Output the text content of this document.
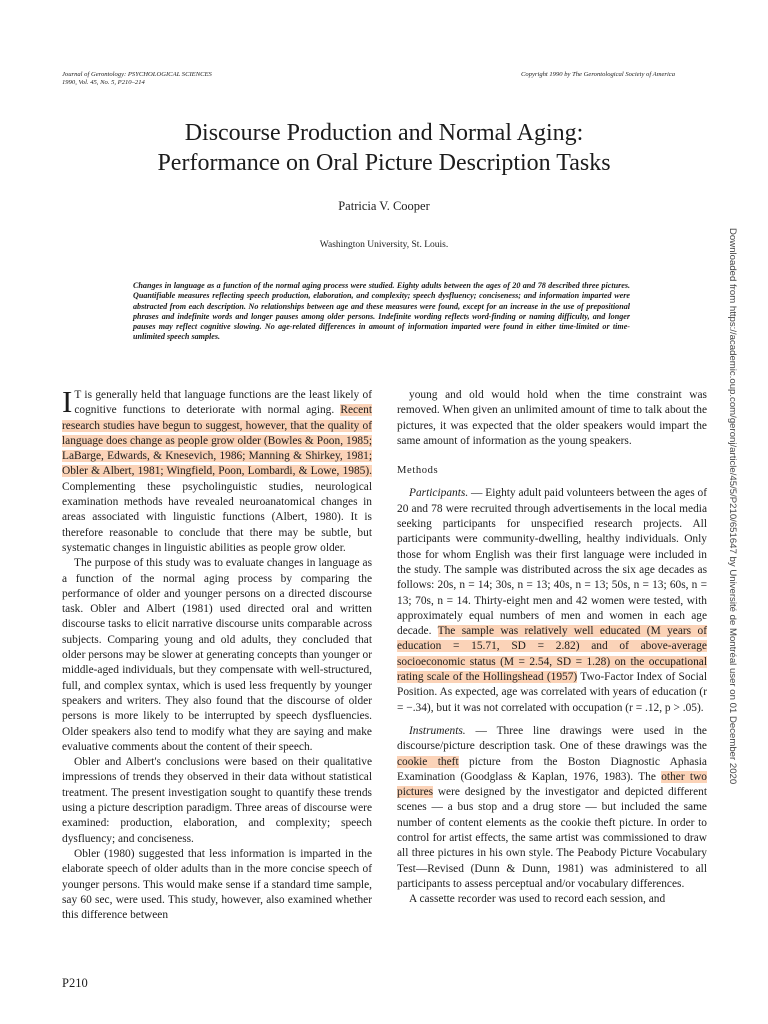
Journal of Gerontology: PSYCHOLOGICAL SCIENCES
1990, Vol. 45, No. 5, P210–214
Copyright 1990 by The Gerontological Society of America
Discourse Production and Normal Aging:
Performance on Oral Picture Description Tasks
Patricia V. Cooper
Washington University, St. Louis.
Changes in language as a function of the normal aging process were studied. Eighty adults between the ages of 20 and 78 described three pictures. Quantifiable measures reflecting speech production, elaboration, and complexity; speech dysfluency; conciseness; and information imparted were abstracted from each description. No relationships between age and these measures were found, except for an increase in the use of prepositional phrases and indefinite words and longer pauses among older persons. Indefinite wording reflects word-finding or naming difficulty, and longer pauses may reflect cognitive slowing. No age-related differences in amount of information imparted were found in either time-limited or time-unlimited speech samples.

I T is generally held that language functions are the least likely of cognitive functions to deteriorate with normal aging. Recent research studies have begun to suggest, however, that the quality of language does change as people grow older (Bowles & Poon, 1985; LaBarge, Edwards, & Knesevich, 1986; Manning & Shirkey, 1981; Obler & Albert, 1981; Wingfield, Poon, Lombardi, & Lowe, 1985). Complementing these psycholinguistic studies, neurological examination methods have revealed neuroanatomical changes in areas associated with linguistic functions (Albert, 1980). It is therefore reasonable to conclude that there may be subtle, but systematic changes in linguistic abilities as people grow older.

The purpose of this study was to evaluate changes in language as a function of the normal aging process by comparing the performance of older and younger persons on a directed discourse task. Obler and Albert (1981) used directed oral and written discourse tasks to elicit narrative discourse units comparable across subjects. Comparing young and old adults, they concluded that older persons may be slower at generating concepts than younger or middle-aged individuals, but they compensate with well-structured, full, and complex syntax, which is used less frequently by younger speakers and writers. They also found that the discourse of older persons is more likely to be interrupted by speech dysfluencies. Older speakers also tend to modify what they are saying and make evaluative comments about the content of their speech.

Obler and Albert's conclusions were based on their qualitative impressions of trends they observed in their data without statistical treatment. The present investigation sought to quantify these trends using a picture description paradigm. Three areas of discourse were examined: production, elaboration, and complexity; speech dysfluency; and conciseness.

Obler (1980) suggested that less information is imparted in the elaborate speech of older adults than in the more concise speech of younger persons. This would make sense if a standard time sample, say 60 sec, were used. This study, however, also examined whether this difference between

young and old would hold when the time constraint was removed. When given an unlimited amount of time to talk about the pictures, it was expected that the older speakers would impart the same amount of information as the young speakers.

Methods

Participants. — Eighty adult paid volunteers between the ages of 20 and 78 were recruited through advertisements in the local media seeking participants for unspecified research projects. All participants were community-dwelling, healthy individuals. Only those for whom English was their first language were included in the study. The sample was distributed across the six age decades as follows: 20s, n = 14; 30s, n = 13; 40s, n = 13; 50s, n = 13; 60s, n = 13; 70s, n = 14. Thirty-eight men and 42 women were tested, with approximately equal numbers of men and women in each age decade. The sample was relatively well educated (M years of education = 15.71, SD = 2.82) and of above-average socioeconomic status (M = 2.54, SD = 1.28) on the occupational rating scale of the Hollingshead (1957) Two-Factor Index of Social Position. As expected, age was correlated with years of education (r = −.34), but it was not correlated with occupation (r = .12, p > .05).

Instruments. — Three line drawings were used in the discourse/picture description task. One of these drawings was the cookie theft picture from the Boston Diagnostic Aphasia Examination (Goodglass & Kaplan, 1976, 1983). The other two pictures were designed by the investigator and depicted different scenes — a bus stop and a drug store — but included the same number of content elements as the cookie theft picture. In order to control for artist effects, the same artist was commissioned to draw all three pictures in his own style. The Peabody Picture Vocabulary Test—Revised (Dunn & Dunn, 1981) was administered to all participants to assess perceptual and/or vocabulary differences.

A cassette recorder was used to record each session, and

P210
Downloaded from https://academic.oup.com/geronj/article/45/5/P210/651647 by Université de Montréal user on 01 December 2020
